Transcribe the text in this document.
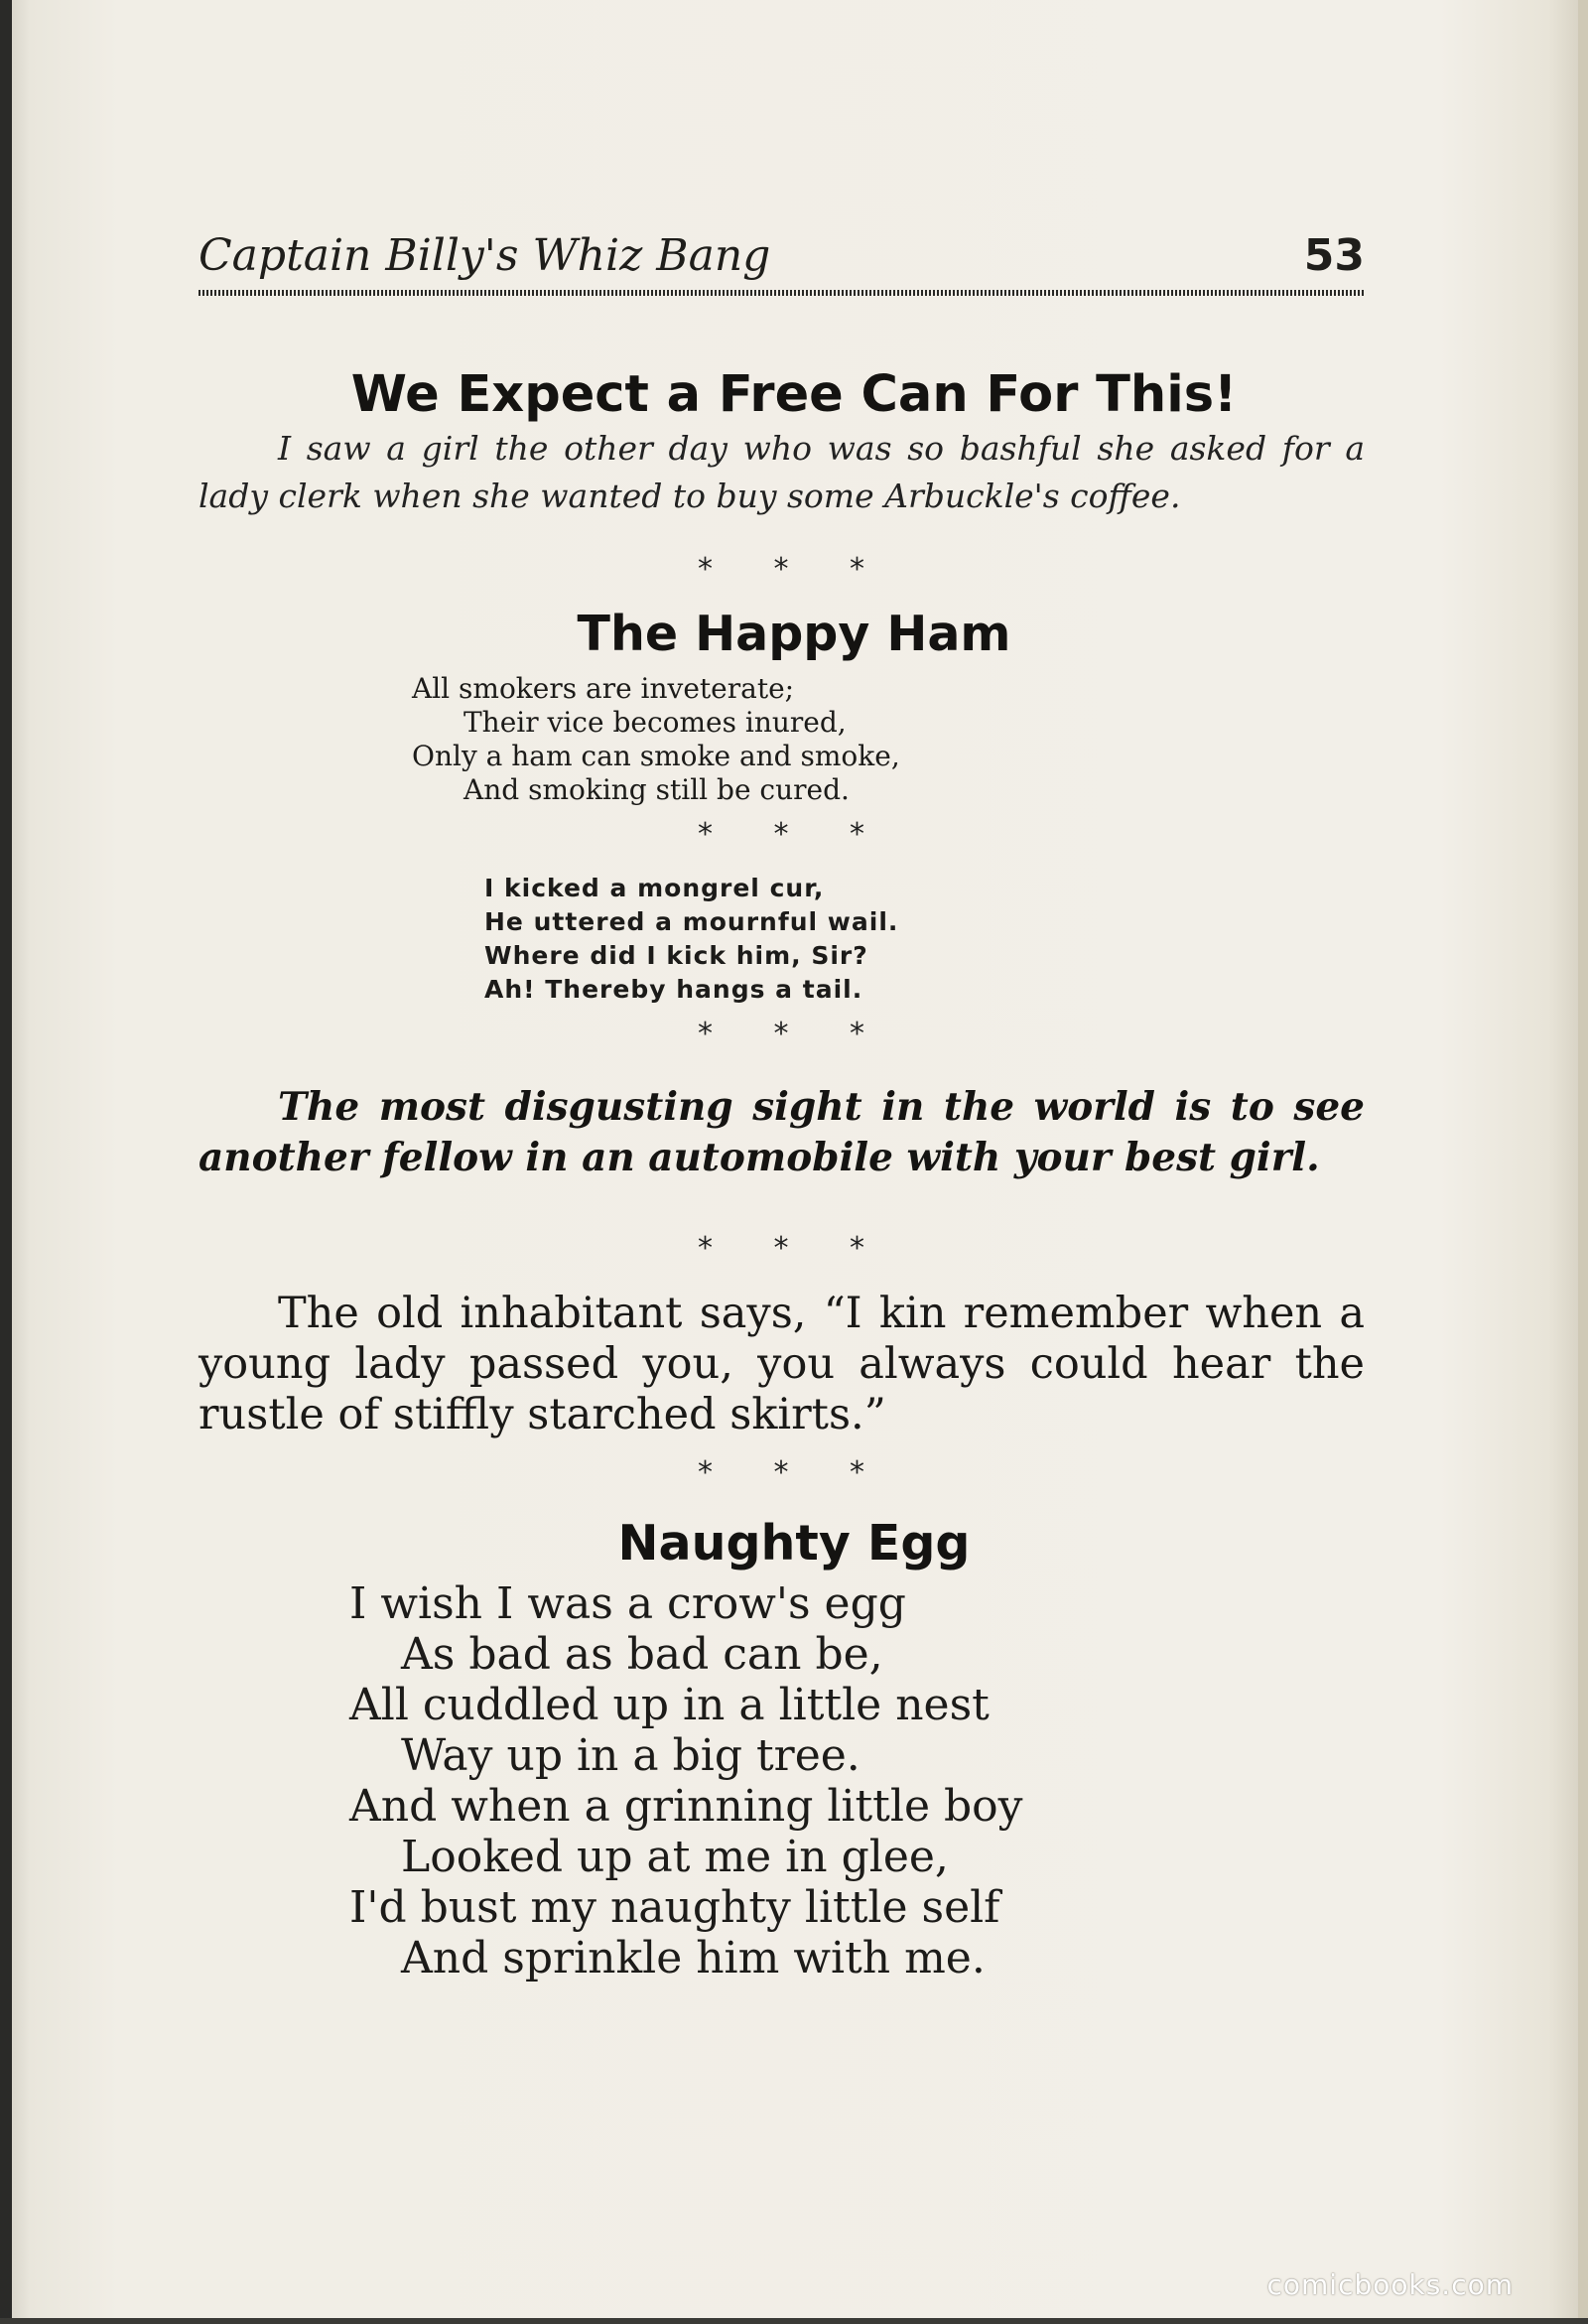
Captain Billy's Whiz Bang	53
We Expect a Free Can For This!
I saw a girl the other day who was so bashful she asked for a lady clerk when she wanted to buy some Arbuckle's coffee.
* * *
The Happy Ham
All smokers are inveterate;
Their vice becomes inured,
Only a ham can smoke and smoke,
And smoking still be cured.
* * *
I kicked a mongrel cur,
He uttered a mournful wail.
Where did I kick him, Sir?
Ah! Thereby hangs a tail.
* * *
The most disgusting sight in the world is to see another fellow in an automobile with your best girl.
* * *
The old inhabitant says, “I kin remember when a young lady passed you, you always could hear the rustle of stiffly starched skirts.”
* * *
Naughty Egg
I wish I was a crow's egg
As bad as bad can be,
All cuddled up in a little nest
Way up in a big tree.
And when a grinning little boy
Looked up at me in glee,
I'd bust my naughty little self
And sprinkle him with me.
comicbooks.com
